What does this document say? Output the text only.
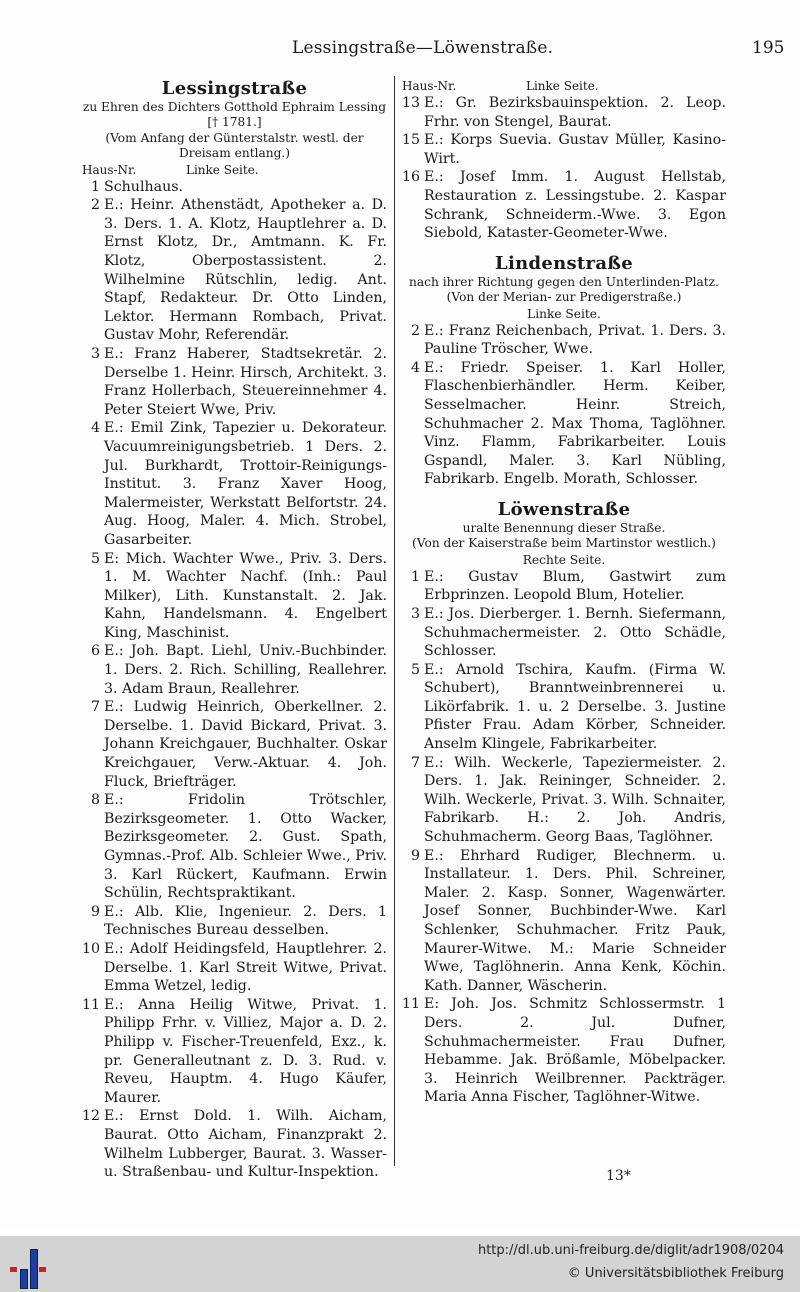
Lessingstraße—Löwenstraße.	195
Lessingstraße
zu Ehren des Dichters Gotthold Ephraim Lessing [† 1781.]
(Vom Anfang der Günterstalstr. westl. der Dreisam entlang.)
Haus-Nr.	Linke Seite.
1 Schulhaus.
2 E.: Heinr. Athenstädt, Apotheker a. D. 3. Ders. 1. A. Klotz, Hauptlehrer a. D. Ernst Klotz, Dr., Amtmann. K. Fr. Klotz, Oberpostassistent. 2. Wilhelmine Rütschlin, ledig. Ant. Stapf, Redakteur. Dr. Otto Linden, Lektor. Hermann Rombach, Privat. Gustav Mohr, Referendär.
3 E.: Franz Haberer, Stadtsekretär. 2. Derselbe 1. Heinr. Hirsch, Architekt. 3. Franz Hollerbach, Steuereinnehmer 4. Peter Steiert Wwe, Priv.
4 E.: Emil Zink, Tapezier u. Dekorateur. Vacuumreinigungsbetrieb. 1 Ders. 2. Jul. Burkhardt, Trottoir-Reinigungs-Institut. 3. Franz Xaver Hoog, Malermeister, Werkstatt Belfortstr. 24. Aug. Hoog, Maler. 4. Mich. Strobel, Gasarbeiter.
5 E: Mich. Wachter Wwe., Priv. 3. Ders. 1. M. Wachter Nachf. (Inh.: Paul Milker), Lith. Kunstanstalt. 2. Jak. Kahn, Handelsmann. 4. Engelbert King, Maschinist.
6 E.: Joh. Bapt. Liehl, Univ.-Buchbinder. 1. Ders. 2. Rich. Schilling, Reallehrer. 3. Adam Braun, Reallehrer.
7 E.: Ludwig Heinrich, Oberkellner. 2. Derselbe. 1. David Bickard, Privat. 3. Johann Kreichgauer, Buchhalter. Oskar Kreichgauer, Verw.-Aktuar. 4. Joh. Fluck, Briefträger.
8 E.: Fridolin Trötschler, Bezirksgeometer. 1. Otto Wacker, Bezirksgeometer. 2. Gust. Spath, Gymnas.-Prof. Alb. Schleier Wwe., Priv. 3. Karl Rückert, Kaufmann. Erwin Schülin, Rechtspraktikant.
9 E.: Alb. Klie, Ingenieur. 2. Ders. 1 Technisches Bureau desselben.
10 E.: Adolf Heidingsfeld, Hauptlehrer. 2. Derselbe. 1. Karl Streit Witwe, Privat. Emma Wetzel, ledig.
11 E.: Anna Heilig Witwe, Privat. 1. Philipp Frhr. v. Villiez, Major a. D. 2. Philipp v. Fischer-Treuenfeld, Exz., k. pr. Generalleutnant z. D. 3. Rud. v. Reveu, Hauptm. 4. Hugo Käufer, Maurer.
12 E.: Ernst Dold. 1. Wilh. Aicham, Baurat. Otto Aicham, Finanzprakt 2. Wilhelm Lubberger, Baurat. 3. Wasser- u. Straßenbau- und Kultur-Inspektion.
Haus-Nr.	Linke Seite.
13 E.: Gr. Bezirksbauinspektion. 2. Leop. Frhr. von Stengel, Baurat.
15 E.: Korps Suevia. Gustav Müller, Kasino-Wirt.
16 E.: Josef Imm. 1. August Hellstab, Restauration z. Lessingstube. 2. Kaspar Schrank, Schneiderm.-Wwe. 3. Egon Siebold, Kataster-Geometer-Wwe.
Lindenstraße
nach ihrer Richtung gegen den Unterlinden-Platz.
(Von der Merian- zur Predigerstraße.)
Linke Seite.
2 E.: Franz Reichenbach, Privat. 1. Ders. 3. Pauline Tröscher, Wwe.
4 E.: Friedr. Speiser. 1. Karl Holler, Flaschenbierhändler. Herm. Keiber, Sesselmacher. Heinr. Streich, Schuhmacher 2. Max Thoma, Taglöhner. Vinz. Flamm, Fabrikarbeiter. Louis Gspandl, Maler. 3. Karl Nübling, Fabrikarb. Engelb. Morath, Schlosser.
Löwenstraße
uralte Benennung dieser Straße.
(Von der Kaiserstraße beim Martinstor westlich.)
Rechte Seite.
1 E.: Gustav Blum, Gastwirt zum Erbprinzen. Leopold Blum, Hotelier.
3 E.: Jos. Dierberger. 1. Bernh. Siefermann, Schuhmachermeister. 2. Otto Schädle, Schlosser.
5 E.: Arnold Tschira, Kaufm. (Firma W. Schubert), Branntweinbrennerei u. Likörfabrik. 1. u. 2 Derselbe. 3. Justine Pfister Frau. Adam Körber, Schneider. Anselm Klingele, Fabrikarbeiter.
7 E.: Wilh. Weckerle, Tapeziermeister. 2. Ders. 1. Jak. Reininger, Schneider. 2. Wilh. Weckerle, Privat. 3. Wilh. Schnaiter, Fabrikarb. H.: 2. Joh. Andris, Schuhmacherm. Georg Baas, Taglöhner.
9 E.: Ehrhard Rudiger, Blechnerm. u. Installateur. 1. Ders. Phil. Schreiner, Maler. 2. Kasp. Sonner, Wagenwärter. Josef Sonner, Buchbinder-Wwe. Karl Schlenker, Schuhmacher. Fritz Pauk, Maurer-Witwe. M.: Marie Schneider Wwe, Taglöhnerin. Anna Kenk, Köchin. Kath. Danner, Wäscherin.
11 E: Joh. Jos. Schmitz Schlossermstr. 1 Ders. 2. Jul. Dufner, Schuhmachermeister. Frau Dufner, Hebamme. Jak. Brößamle, Möbelpacker. 3. Heinrich Weilbrenner. Packträger. Maria Anna Fischer, Taglöhner-Witwe.
13*
http://dl.ub.uni-freiburg.de/diglit/adr1908/0204
© Universitätsbibliothek Freiburg
